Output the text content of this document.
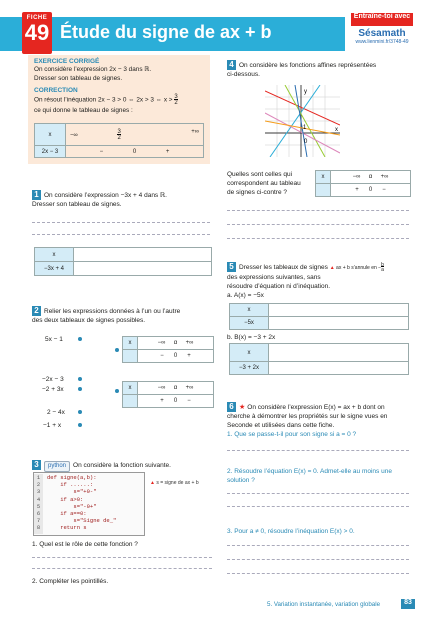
FICHE
49 Étude du signe de ax + b
Entraîne-toi avec
Sésamath
www.lienmini.fr/3748-49
EXERCICE CORRIGÉ
On considère l’expression 2x − 3 dans ℝ.
Dresser son tableau de signes.
CORRECTION
On résout l’inéquation 2x − 3 > 0 ⇔ 2x > 3 ⇔ $x > \frac{3}{2}$
ce qui donne le tableau de signes :
x	−∞ $\frac{3}{2}$ +∞

2x − 3	− 0 +
1 On considère l’expression −3x + 4 dans ℝ.
Dresser son tableau de signes.
x	
−3x + 4	
2 Relier les expressions données à l’un ou l’autre
des deux tableaux de signes possibles.
5x − 1
−2x − 3
−2 + 3x
2 − 4x
−1 + x
x	−∞ α +∞
	− 0 +
x	−∞ α +∞
	+ 0 −
3 python On considère la fonction suivante.
1
2
3
4
5
6
7
8
def signe(a,b):
if ......:
s="+0-"
if a>0:
s="-0+"
if a==0:
s="Signe de_"
return s
▲ s = signe de ax + b
1. Quel est le rôle de cette fonction ?
2. Compléter les pointillés.
4 On considère les fonctions affines représentées
ci-dessous.
y
x
1
0
Quelles sont celles qui
correspondent au tableau
de signes ci-contre ?
x	−∞ α +∞
	+ 0 −
5 Dresser les tableaux de signes ▲ ax + b s’annule en −b
a
des expressions suivantes, sans
résoudre d’équation ni d’inéquation.
a. A(x) = −5x
x	
−5x	
b. B(x) = −3 + 2x
x	
−3 + 2x	
6 ★ On considère l’expression E(x) = ax + b dont on
cherche à démontrer les propriétés sur le signe vues en
Seconde et utilisées dans cette fiche.
1. Que se passe-t-il pour son signe si a = 0 ?
2. Résoudre l’équation E(x) = 0. Admet-elle au moins une
solution ?
3. Pour a ≠ 0, résoudre l’inéquation E(x) > 0.
5. Variation instantanée, variation globale	83
